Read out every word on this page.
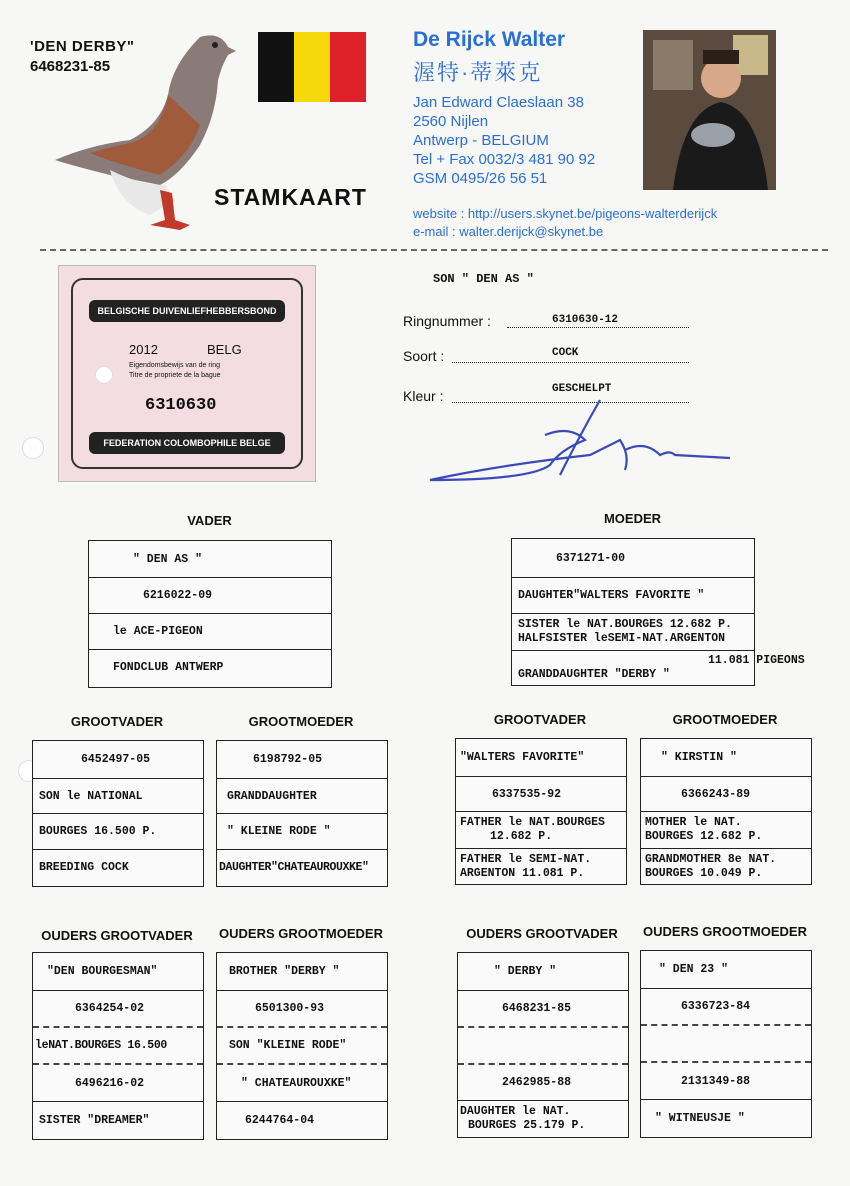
'DEN DERBY"
6468231-85
STAMKAART
De Rijck Walter
渥特·蒂萊克
Jan Edward Claeslaan 38
2560 Nijlen
Antwerp - BELGIUM
Tel + Fax 0032/3 481 90 92
GSM 0495/26 56 51
website : http://users.skynet.be/pigeons-walterderijck
e-mail : walter.derijck@skynet.be
BELGISCHE DUIVENLIEFHEBBERSBOND
2012	BELG
Eigendomsbewijs van de ring
Titre de propriete de la bague
6310630
FEDERATION COLOMBOPHILE BELGE
SON " DEN AS "
Ringnummer :	6310630-12
Soort :	COCK
Kleur :	GESCHELPT
VADER	MOEDER
" DEN AS "
6216022-09
le ACE-PIGEON
FONDCLUB ANTWERP
6371271-00
DAUGHTER"WALTERS FAVORITE "
SISTER le NAT.BOURGES 12.682 P.
HALFSISTER leSEMI-NAT.ARGENTON
11.081 PIGEONS
GRANDDAUGHTER "DERBY "
GROOTVADER	GROOTMOEDER	GROOTVADER	GROOTMOEDER
6452497-05
SON le NATIONAL
BOURGES 16.500 P.
BREEDING COCK
6198792-05
GRANDDAUGHTER
" KLEINE RODE "
DAUGHTER"CHATEAUROUXKE"
"WALTERS FAVORITE"
6337535-92
FATHER le NAT.BOURGES
12.682 P.
FATHER le SEMI-NAT.
ARGENTON 11.081 P.
" KIRSTIN "
6366243-89
MOTHER le NAT.
BOURGES 12.682 P.
GRANDMOTHER 8e NAT.
BOURGES 10.049 P.
OUDERS GROOTVADER	OUDERS GROOTMOEDER	OUDERS GROOTVADER	OUDERS GROOTMOEDER
"DEN BOURGESMAN"
6364254-02
leNAT.BOURGES 16.500
6496216-02
SISTER "DREAMER"
BROTHER "DERBY "
6501300-93
SON "KLEINE RODE"
" CHATEAUROUXKE"
6244764-04
" DERBY "
6468231-85
2462985-88
DAUGHTER le NAT.
BOURGES 25.179 P.
" DEN 23 "
6336723-84
2131349-88
" WITNEUSJE "
